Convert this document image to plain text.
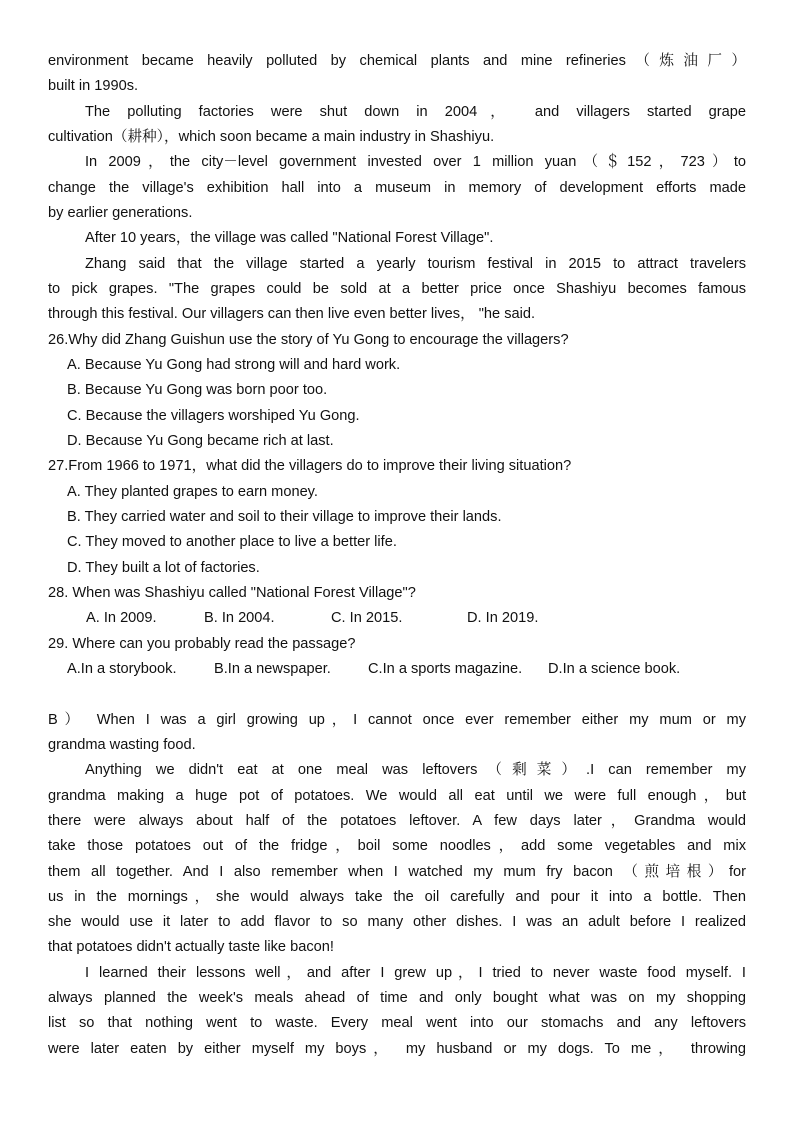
environment became heavily polluted by chemical plants and mine refineries（炼油厂）
built in 1990s.
The polluting factories were shut down in 2004， and villagers started grape
cultivation（耕种），which soon became a main industry in Shashiyu.
In 2009，the city－level government invested over 1 million yuan（＄152，723）to
change the village's exhibition hall into a museum in memory of development efforts made
by earlier generations.
After 10 years，the village was called "National Forest Village".
Zhang said that the village started a yearly tourism festival in 2015 to attract travelers
to pick grapes. "The grapes could be sold at a better price once Shashiyu becomes famous
through this festival. Our villagers can then live even better lives， "he said.
26.Why did Zhang Guishun use the story of Yu Gong to encourage the villagers?
A. Because Yu Gong had strong will and hard work.
B. Because Yu Gong was born poor too.
C. Because the villagers worshiped Yu Gong.
D. Because Yu Gong became rich at last.
27.From 1966 to 1971，what did the villagers do to improve their living situation?
A. They planted grapes to earn money.
B. They carried water and soil to their village to improve their lands.
C. They moved to another place to live a better life.
D. They built a lot of factories.
28. When was Shashiyu called "National Forest Village"?
A. In 2009.	B. In 2004.	C. In 2015.	D. In 2019.
29. Where can you probably read the passage?
A.In a storybook.	B.In a newspaper.	C.In a sports magazine. D.In a science book.
B） When I was a girl growing up，I cannot once ever remember either my mum or my
grandma wasting food.
Anything we didn't eat at one meal was leftovers（剩菜）.I can remember my
grandma making a huge pot of potatoes. We would all eat until we were full enough，but
there were always about half of the potatoes leftover. A few days later，Grandma would
take those potatoes out of the fridge，boil some noodles，add some vegetables and mix
them all together. And I also remember when I watched my mum fry bacon （煎培根）for
us in the mornings，she would always take the oil carefully and pour it into a bottle. Then
she would use it later to add flavor to so many other dishes. I was an adult before I realized
that potatoes didn't actually taste like bacon!
I learned their lessons well，and after I grew up，I tried to never waste food myself. I
always planned the week's meals ahead of time and only bought what was on my shopping
list so that nothing went to waste. Every meal went into our stomachs and any leftovers
were later eaten by either myself my boys， my husband or my dogs. To me， throwing
